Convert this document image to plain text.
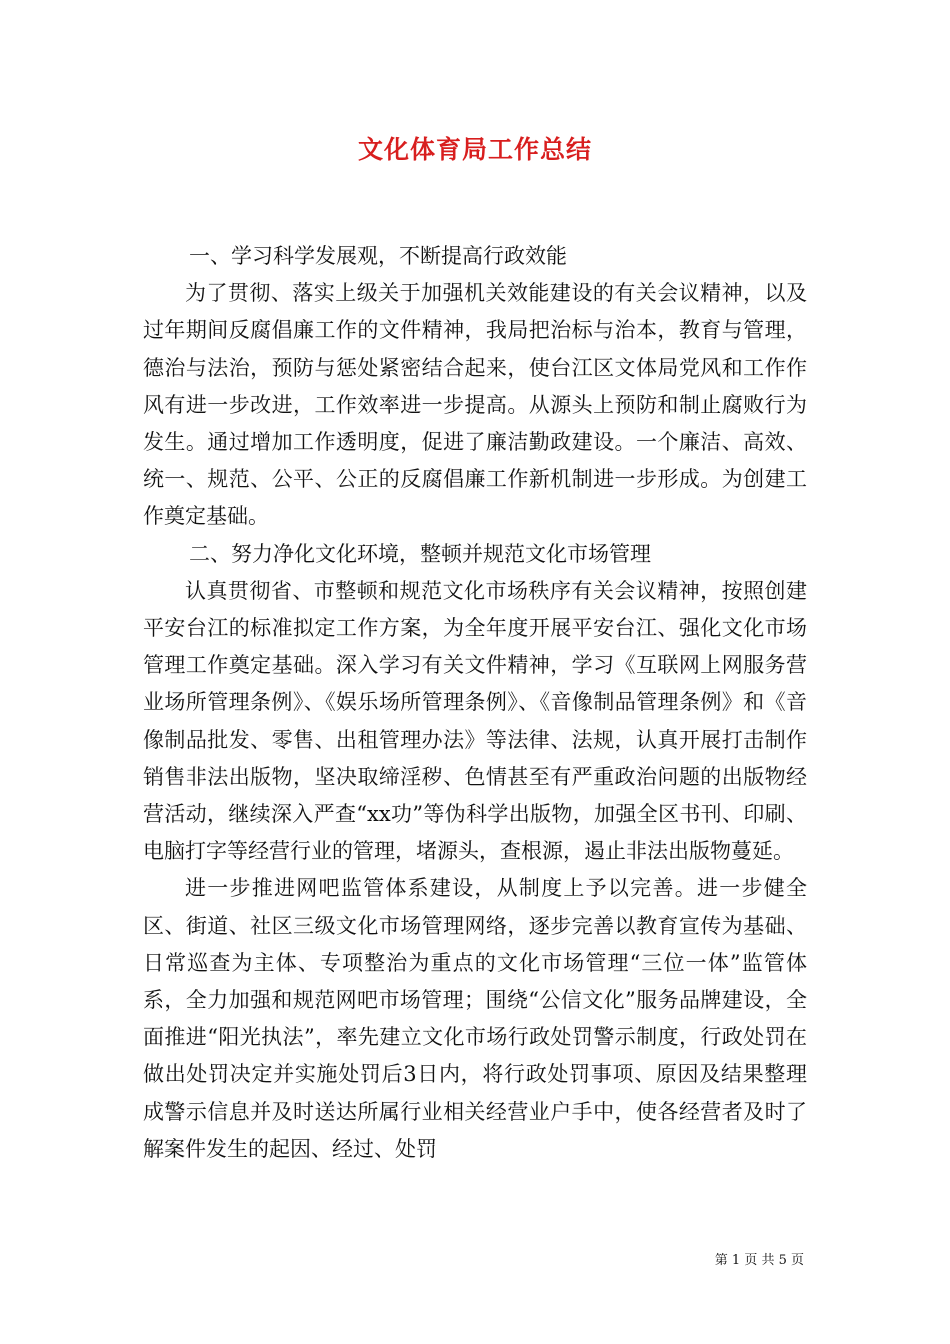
文化体育局工作总结

一、学习科学发展观，不断提高行政效能

为了贯彻、落实上级关于加强机关效能建设的有关会议精神，以及过年期间反腐倡廉工作的文件精神，我局把治标与治本，教育与管理，德治与法治，预防与惩处紧密结合起来，使台江区文体局党风和工作作风有进一步改进，工作效率进一步提高。从源头上预防和制止腐败行为发生。通过增加工作透明度，促进了廉洁勤政建设。一个廉洁、高效、统一、规范、公平、公正的反腐倡廉工作新机制进一步形成。为创建工作奠定基础。

二、努力净化文化环境，整顿并规范文化市场管理

认真贯彻省、市整顿和规范文化市场秩序有关会议精神，按照创建平安台江的标准拟定工作方案，为全年度开展平安台江、强化文化市场管理工作奠定基础。深入学习有关文件精神，学习《互联网上网服务营业场所管理条例》、《娱乐场所管理条例》、《音像制品管理条例》和《音像制品批发、零售、出租管理办法》等法律、法规，认真开展打击制作销售非法出版物，坚决取缔淫秽、色情甚至有严重政治问题的出版物经营活动，继续深入严查“xx功”等伪科学出版物，加强全区书刊、印刷、电脑打字等经营行业的管理，堵源头，查根源，遏止非法出版物蔓延。

进一步推进网吧监管体系建设，从制度上予以完善。进一步健全区、街道、社区三级文化市场管理网络，逐步完善以教育宣传为基础、日常巡查为主体、专项整治为重点的文化市场管理“三位一体”监管体系，全力加强和规范网吧市场管理；围绕“公信文化”服务品牌建设，全面推进“阳光执法”，率先建立文化市场行政处罚警示制度，行政处罚在做出处罚决定并实施处罚后3日内，将行政处罚事项、原因及结果整理成警示信息并及时送达所属行业相关经营业户手中，使各经营者及时了解案件发生的起因、经过、处罚

第 1 页 共 5 页
